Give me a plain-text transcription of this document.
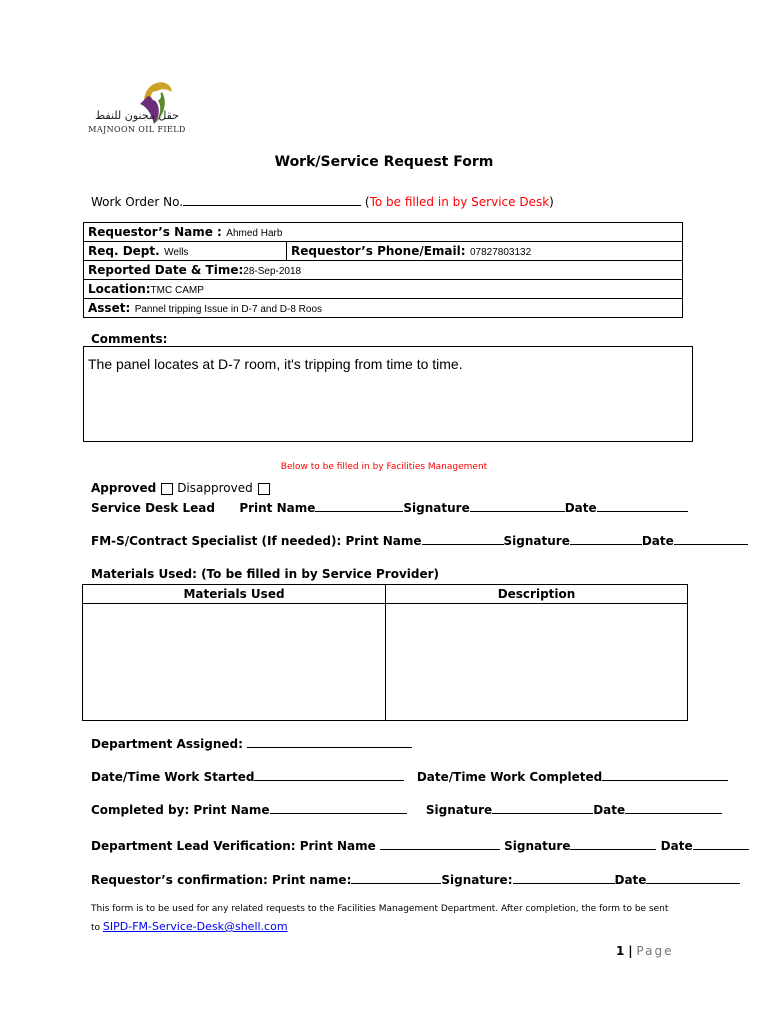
حقل مجنون للنفط
MAJNOON OIL FIELD
Work/Service Request Form
Work Order No.	(To be filled in by Service Desk)
Requestor’s Name : Ahmed Harb
Req. Dept. Wells	Requestor’s Phone/Email: 07827803132
Reported Date & Time:28-Sep-2018
Location:TMC CAMP
Asset: Pannel tripping Issue in D-7 and D-8 Roos
Comments:
The panel locates at D-7 room, it's tripping from time to time.
Below to be filled in by Facilities Management
Approved Disapproved
Service Desk Lead Print Name	Signature	Date
FM-S/Contract Specialist (If needed): Print Name	Signature	Date
Materials Used: (To be filled in by Service Provider)
Materials Used	Description

Department Assigned:
Date/Time Work Started	Date/Time Work Completed
Completed by: Print Name	Signature	Date
Department Lead Verification: Print Name	Signature	Date
Requestor’s confirmation: Print name:	Signature:	Date
This form is to be used for any related requests to the Facilities Management Department. After completion, the form to be sent to SIPD-FM-Service-Desk@shell.com
1 | Page
